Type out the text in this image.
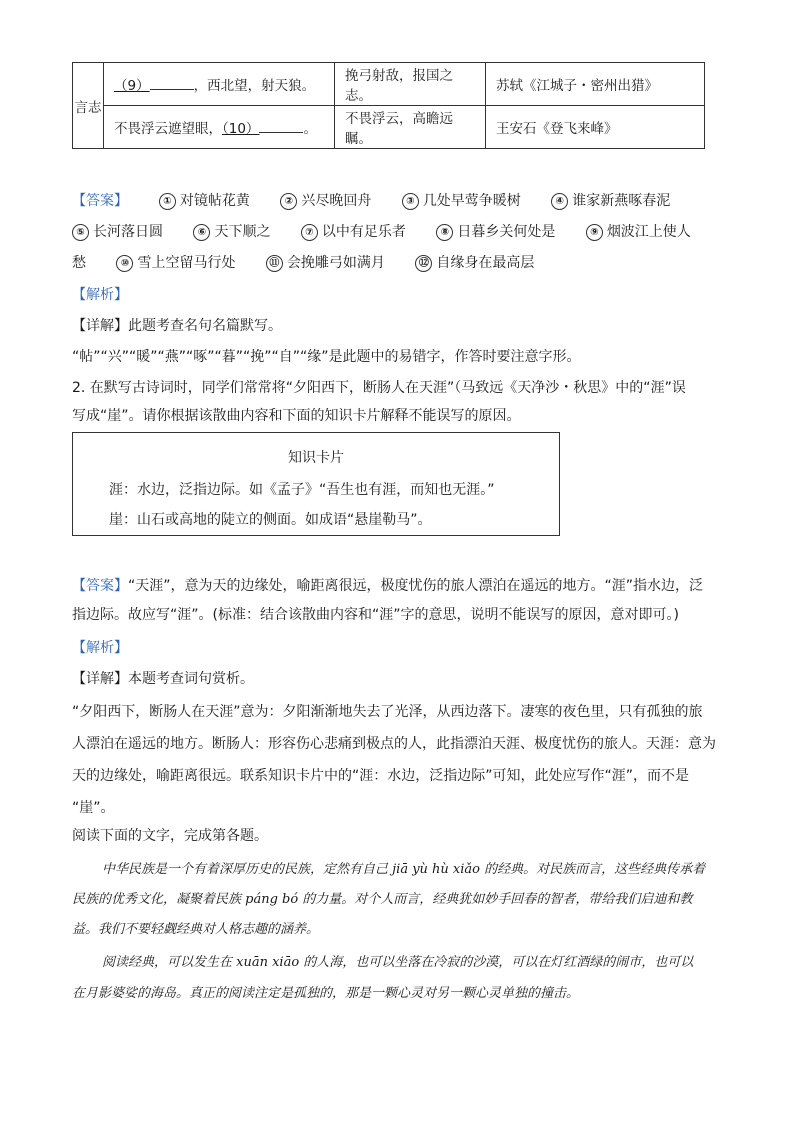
言志	（9） ，西北望，射天狼。	挽弓射敌，报国之志。	苏轼《江城子・密州出猎》
	不畏浮云遮望眼，（10） 。	不畏浮云，高瞻远瞩。	王安石《登飞来峰》
【答案】	① 对镜帖花黄	② 兴尽晚回舟	③ 几处早莺争暖树	④ 谁家新燕啄春泥
⑤ 长河落日圆	⑥ 天下顺之	⑦ 以中有足乐者	⑧ 日暮乡关何处是	⑨ 烟波江上使人
愁	⑩ 雪上空留马行处	⑪ 会挽雕弓如满月	⑫ 自缘身在最高层
【解析】
【详解】此题考查名句名篇默写。
“帖”“兴”“暖”“燕”“啄”“暮”“挽”“自”“缘”是此题中的易错字，作答时要注意字形。
2. 在默写古诗词时，同学们常常将“夕阳西下，断肠人在天涯”（马致远《天净沙・秋思》中的“涯”误
写成“崖”。请你根据该散曲内容和下面的知识卡片解释不能误写的原因。
知识卡片
涯：水边，泛指边际。如《孟子》“吾生也有涯，而知也无涯。”
崖：山石或高地的陡立的侧面。如成语“悬崖勒马”。
【答案】“天涯”，意为天的边缘处，喻距离很远，极度忧伤的旅人漂泊在遥远的地方。“涯”指水边，泛
指边际。故应写“涯”。(标准：结合该散曲内容和“涯”字的意思，说明不能误写的原因，意对即可。)
【解析】
【详解】本题考查词句赏析。
“夕阳西下，断肠人在天涯”意为：夕阳渐渐地失去了光泽，从西边落下。凄寒的夜色里，只有孤独的旅
人漂泊在遥远的地方。断肠人：形容伤心悲痛到极点的人，此指漂泊天涯、极度忧伤的旅人。天涯：意为
天的边缘处，喻距离很远。联系知识卡片中的“涯：水边，泛指边际”可知，此处应写作“涯”，而不是
“崖”。
阅读下面的文字，完成第各题。
中华民族是一个有着深厚历史的民族，定然有自己 jiā yù hù xiǎo 的经典。对民族而言，这些经典传承着
民族的优秀文化，凝聚着民族 páng bó 的力量。对个人而言，经典犹如妙手回春的智者，带给我们启迪和教
益。我们不要轻觑经典对人格志趣的涵养。
阅读经典，可以发生在 xuān xiāo 的人海，也可以坐落在冷寂的沙漠，可以在灯红酒绿的闹市，也可以
在月影婆娑的海岛。真正的阅读注定是孤独的，那是一颗心灵对另一颗心灵单独的撞击。
